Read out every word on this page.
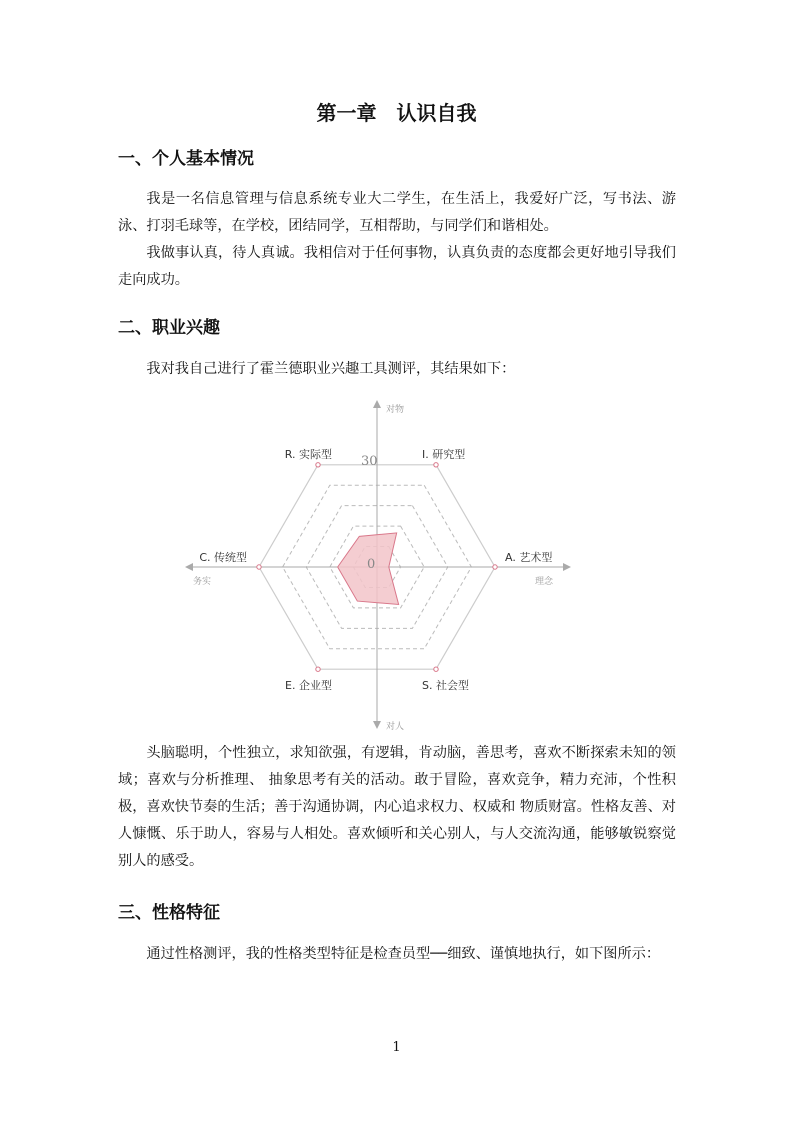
第一章　认识自我
一、个人基本情况

我是一名信息管理与信息系统专业大二学生，在生活上，我爱好广泛，写书法、游泳、打羽毛球等，在学校，团结同学，互相帮助，与同学们和谐相处。

我做事认真，待人真诚。我相信对于任何事物，认真负责的态度都会更好地引导我们走向成功。

二、职业兴趣

我对我自己进行了霍兰德职业兴趣工具测评，其结果如下：

30
0
I. 研究型
A. 艺术型
S. 社会型
E. 企业型
C. 传统型
R. 实际型
对物
对人
务实	理念

头脑聪明，个性独立，求知欲强，有逻辑，肯动脑，善思考，喜欢不断探索未知的领域；喜欢与分析推理、 抽象思考有关的活动。敢于冒险，喜欢竞争，精力充沛，个性积极，喜欢快节奏的生活；善于沟通协调，内心追求权力、权威和 物质财富。性格友善、对人慷慨、乐于助人，容易与人相处。喜欢倾听和关心别人，与人交流沟通，能够敏锐察觉别人的感受。

三、性格特征

通过性格测评，我的性格类型特征是检查员型──细致、谨慎地执行，如下图所示：

1
